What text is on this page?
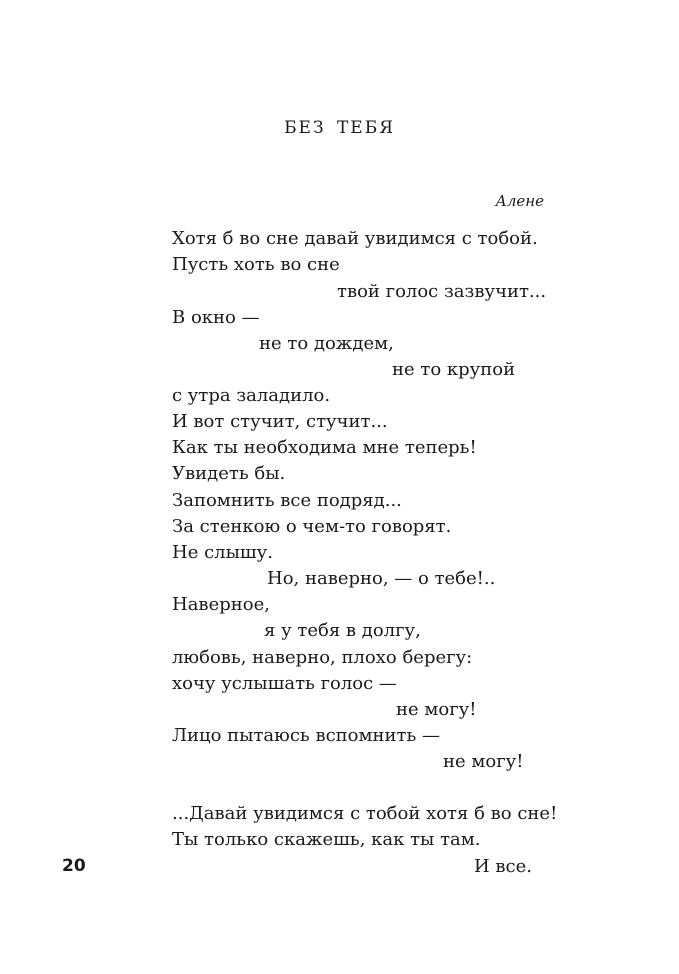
БЕЗ ТЕБЯ
Алене
Хотя б во сне давай увидимся с тобой.
Пусть хоть во сне
твой голос зазвучит...
В окно —
не то дождем,
не то крупой
с утра заладило.
И вот стучит, стучит...
Как ты необходима мне теперь!
Увидеть бы.
Запомнить все подряд...
За стенкою о чем-то говорят.
Не слышу.
Но, наверно, — о тебе!..
Наверное,
я у тебя в долгу,
любовь, наверно, плохо берегу:
хочу услышать голос —
не могу!
Лицо пытаюсь вспомнить —
не могу!
...Давай увидимся с тобой хотя б во сне!
Ты только скажешь, как ты там.
И все.
20
